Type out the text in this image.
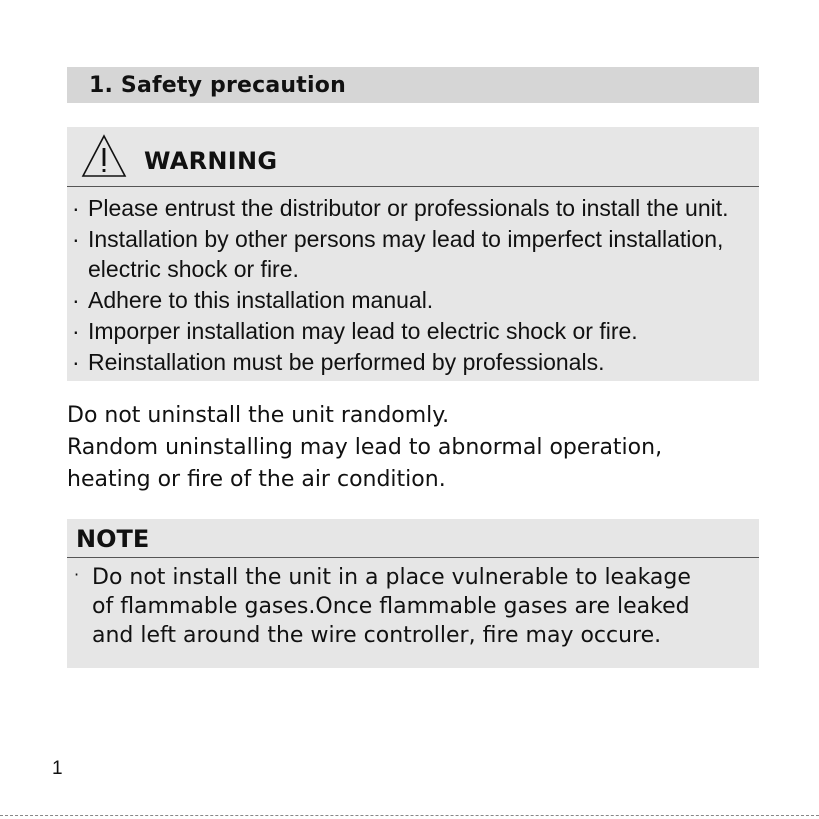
1. Safety precaution
WARNING
· Please entrust the distributor or professionals to install the unit.
· Installation by other persons may lead to imperfect installation,
electric shock or fire.
· Adhere to this installation manual.
· Imporper installation may lead to electric shock or fire.
· Reinstallation must be performed by professionals.
Do not uninstall the unit randomly.
Random uninstalling may lead to abnormal operation,
heating or fire of the air condition.
NOTE
· Do not install the unit in a place vulnerable to leakage
of flammable gases.Once flammable gases are leaked
and left around the wire controller, fire may occure.
1
